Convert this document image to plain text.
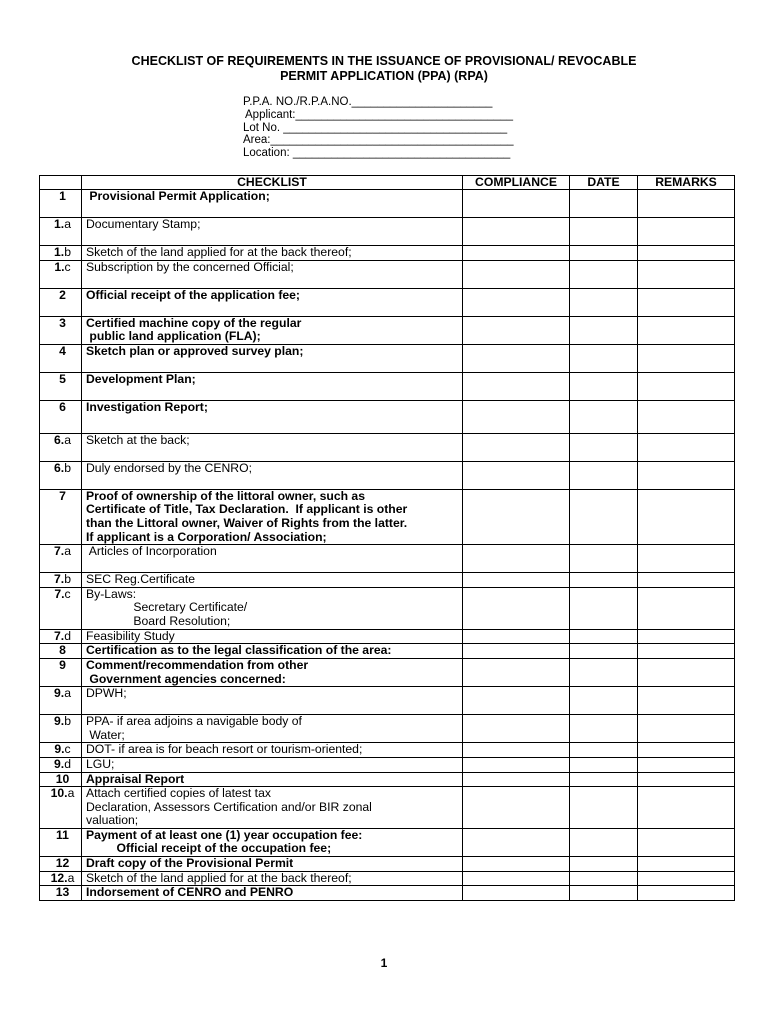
CHECKLIST OF REQUIREMENTS IN THE ISSUANCE OF PROVISIONAL/ REVOCABLE
PERMIT APPLICATION (PPA) (RPA)
P.P.A. NO./R.P.A.NO.______________________
Applicant:__________________________________
Lot No. ___________________________________
Area:______________________________________
Location: __________________________________
	CHECKLIST	COMPLIANCE	DATE	REMARKS
1	Provisional Permit Application;			

1.a	Documentary Stamp;			

1.b	Sketch of the land applied for at the back thereof;			

1.c	Subscription by the concerned Official;			

2	Official receipt of the application fee;			

3	Certified machine copy of the regular
public land application (FLA);			

4	Sketch plan or approved survey plan;			

5	Development Plan;			

6	Investigation Report;			

6.a	Sketch at the back;			

6.b	Duly endorsed by the CENRO;			

7	Proof of ownership of the littoral owner, such as
Certificate of Title, Tax Declaration.  If applicant is other
than the Littoral owner, Waiver of Rights from the latter.
If applicant is a Corporation/ Association;			

7.a	Articles of Incorporation			

7.b	SEC Reg.Certificate			

7.c	By-Laws:
Secretary Certificate/
Board Resolution;			

7.d	Feasibility Study			

8	Certification as to the legal classification of the area:			

9	Comment/recommendation from other
Government agencies concerned:			

9.a	DPWH;			

9.b	PPA- if area adjoins a navigable body of
Water;			

9.c	DOT- if area is for beach resort or tourism-oriented;			

9.d	LGU;			

10	Appraisal Report			

10.a	Attach certified copies of latest tax
Declaration, Assessors Certification and/or BIR zonal
valuation;			

11	Payment of at least one (1) year occupation fee:
Official receipt of the occupation fee;			

12	Draft copy of the Provisional Permit			

12.a	Sketch of the land applied for at the back thereof;			

13	Indorsement of CENRO and PENRO			

1
